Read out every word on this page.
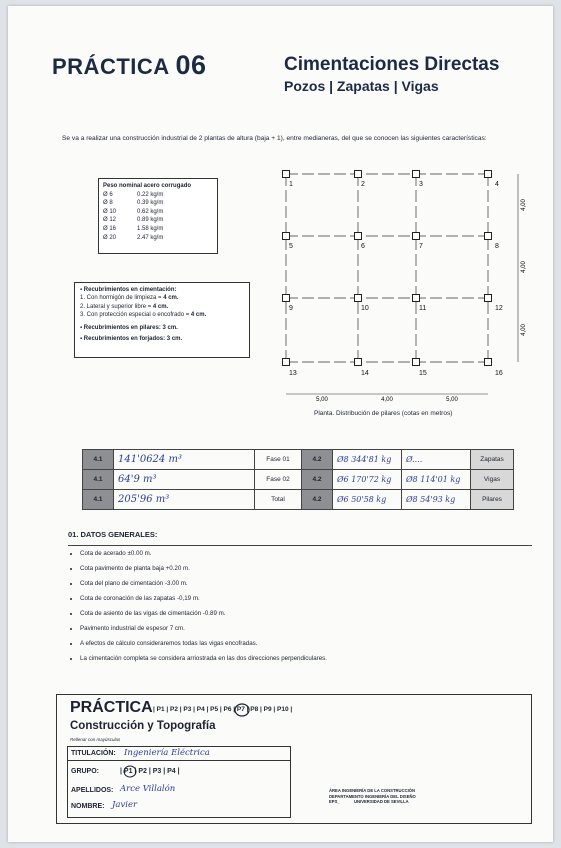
PRÁCTICA 06	Cimentaciones Directas
Pozos | Zapatas | Vigas
Se va a realizar una construcción industrial de 2 plantas de altura (baja + 1), entre medianeras, del que se conocen las siguientes características:
Peso nominal acero corrugado
Ø 6	0.22 kg/m
Ø 8	0.39 kg/m
Ø 10	0.62 kg/m
Ø 12	0.89 kg/m
Ø 16	1.58 kg/m
Ø 20	2.47 kg/m
▪ Recubrimientos en cimentación:
1. Con hormigón de limpieza = 4 cm.
2. Lateral y superior libre = 4 cm.
3. Con protección especial o encofrado = 4 cm.
▪ Recubrimientos en pilares: 3 cm.
▪ Recubrimientos en forjados: 3 cm.
1	2	3	4
5	6	7	8
9	10	11	12
13	14	15	16
5,00	4,00	5,00
4,00
4,00
4,00
Planta. Distribución de pilares (cotas en metros)
4.1	141'0624 m³	Fase 01	4.2	Ø8 344'81 kg	Ø....	Zapatas
4.1	64'9 m³	Fase 02	4.2	Ø6 170'72 kg	Ø8 114'01 kg	Vigas
4.1	205'96 m³	Total	4.2	Ø6 50'58 kg	Ø8 54'93 kg	Pilares
01. DATOS GENERALES:
• Cota de acerado ±0.00 m.
• Cota pavimento de planta baja +0.20 m.
• Cota del plano de cimentación -3.00 m.
• Cota de coronación de las zapatas -0,19 m.
• Cota de asiento de las vigas de cimentación -0.89 m.
• Pavimento industrial de espesor 7 cm.
• A efectos de cálculo consideraremos todas las vigas encofradas.
• La cimentación completa se considera arriostrada en las dos direcciones perpendiculares.
PRÁCTICA | P1 | P2 | P3 | P4 | P5 | P6 | P7 | P8 | P9 | P10 |
Construcción y Topografía
Rellenar con mayúsculas
TITULACIÓN: Ingeniería Eléctrica
GRUPO:	| P1 | P2 | P3 | P4 |
APELLIDOS: Arce Villalón
NOMBRE: Javier
ÁREA INGENIERÍA DE LA CONSTRUCCIÓN
DEPARTAMENTO INGENIERÍA DEL DISEÑO
EPS_	UNIVERSIDAD DE SEVILLA
